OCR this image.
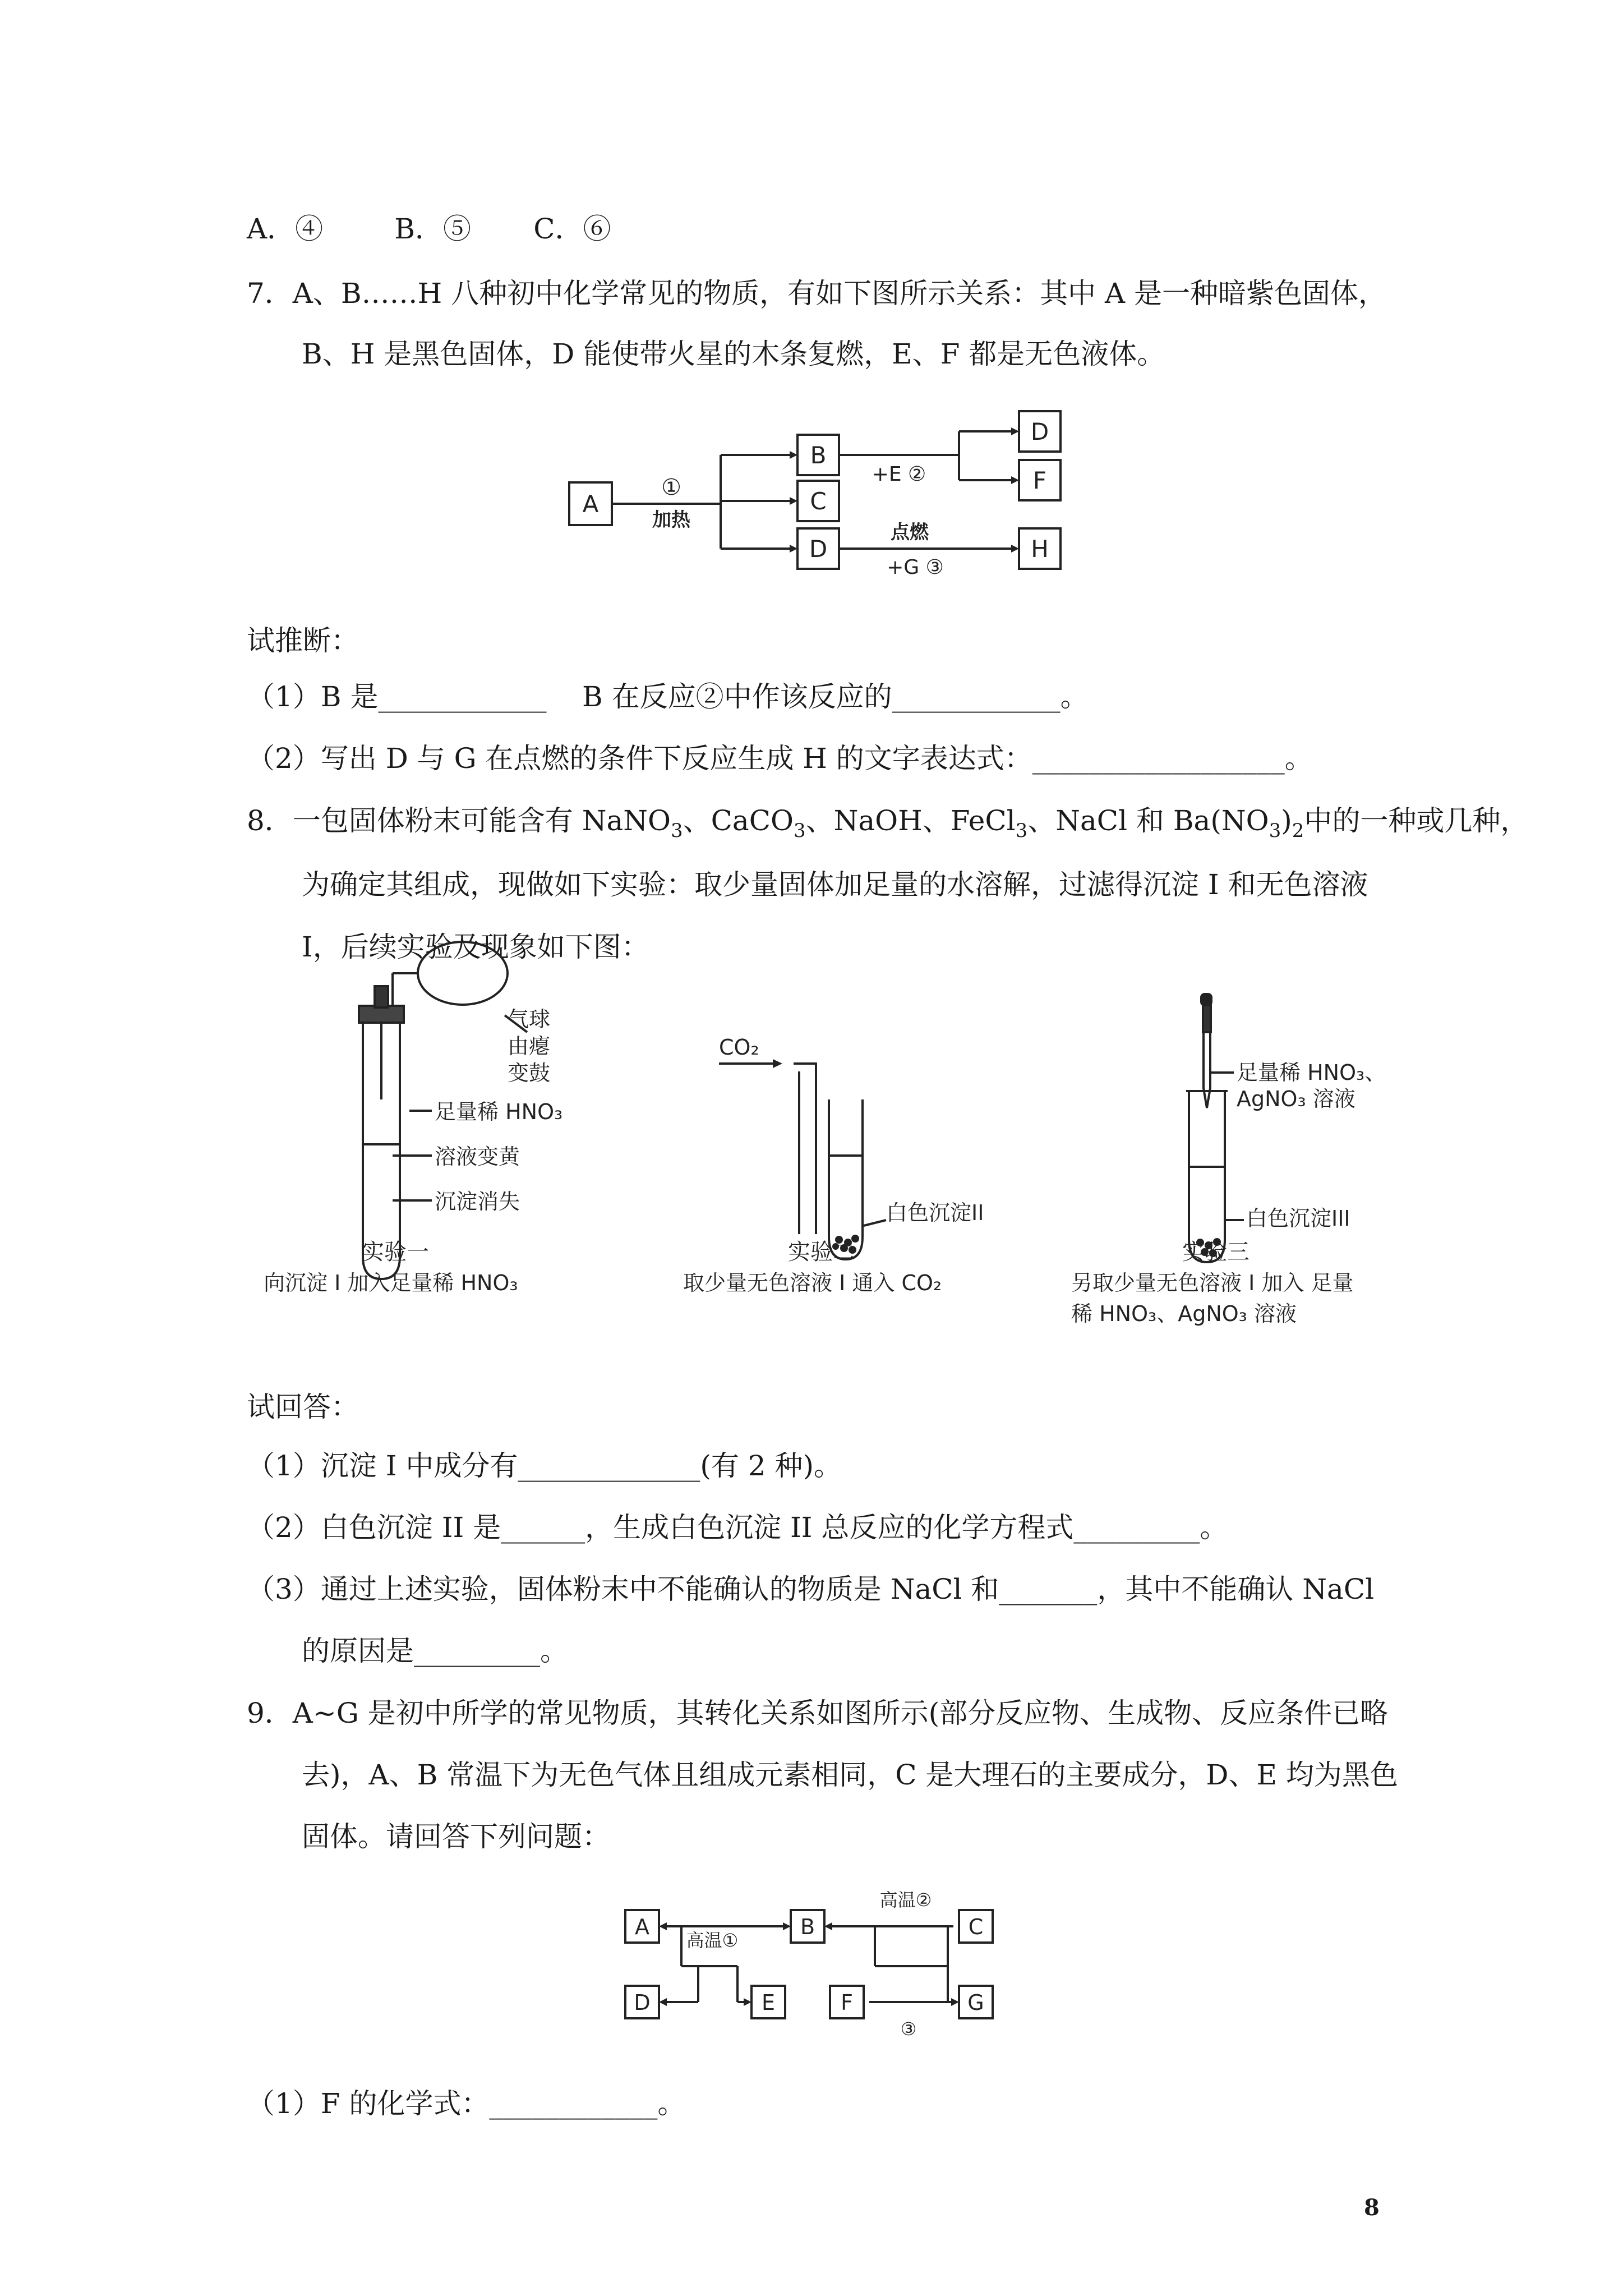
A．④        B．⑤       C．⑥
7．A、B……H 八种初中化学常见的物质，有如下图所示关系：其中 A 是一种暗紫色固体，
B、H 是黑色固体，D 能使带火星的木条复燃，E、F 都是无色液体。
A
B
C
D
D
F
H
①
加热
+E ②
点燃
+G ③
试推断：
（1）B 是____________    B 在反应②中作该反应的____________。
（2）写出 D 与 G 在点燃的条件下反应生成 H 的文字表达式：__________________。
8．一包固体粉末可能含有 NaNO$_3$、CaCO$_3$、NaOH、FeCl$_3$、NaCl 和 $Ba(NO_3)_2$中的一种或几种，
为确定其组成，现做如下实验：取少量固体加足量的水溶解，过滤得沉淀 I 和无色溶液
I，后续实验及现象如下图：
气球
由瘪
变鼓
足量稀 HNO₃
溶液变黄
沉淀消失
实验一
向沉淀 I 加入足量稀 HNO₃
CO₂
白色沉淀II
实验二
取少量无色溶液 I 通入 CO₂
足量稀 HNO₃、
AgNO₃ 溶液
白色沉淀III
实验三
另取少量无色溶液 I 加入 足量
稀 HNO₃、AgNO₃ 溶液
试回答：
（1）沉淀 I 中成分有_____________(有 2 种)。
（2）白色沉淀 II 是______，生成白色沉淀 II 总反应的化学方程式_________。
（3）通过上述实验，固体粉末中不能确认的物质是 NaCl 和_______，其中不能确认 NaCl
的原因是_________。
9．A~G 是初中所学的常见物质，其转化关系如图所示(部分反应物、生成物、反应条件已略
去)，A、B 常温下为无色气体且组成元素相同，C 是大理石的主要成分，D、E 均为黑色
固体。请回答下列问题：
A	B	C
D	E	F	G
高温①
高温②
③
（1）F 的化学式：____________。
8
